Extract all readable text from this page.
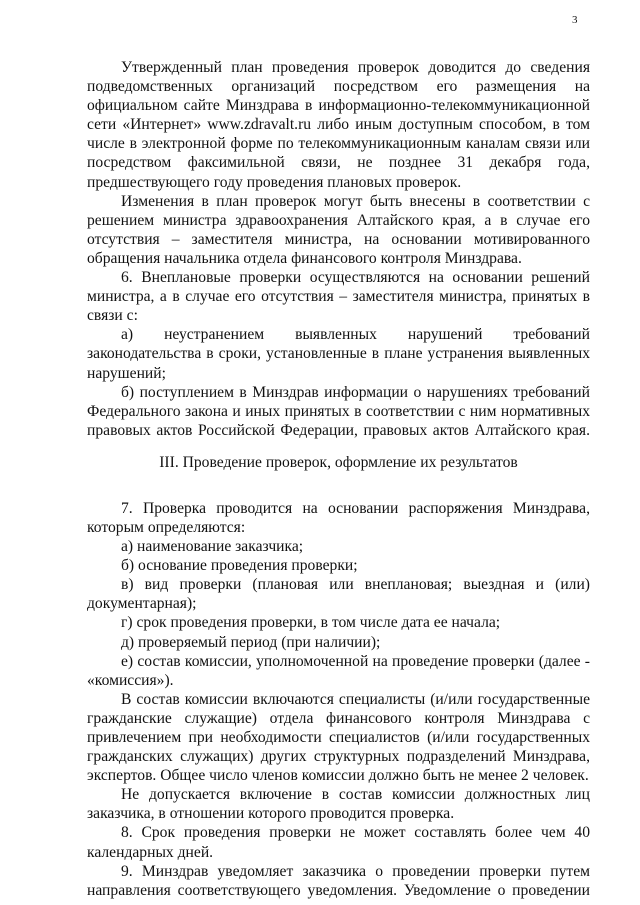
3

Утвержденный план проведения проверок доводится до сведения подведомственных организаций посредством его размещения на официальном сайте Минздрава в информационно-телекоммуникационной сети «Интернет» www.zdravalt.ru либо иным доступным способом, в том числе в электронной форме по телекоммуникационным каналам связи или посредством факсимильной связи, не позднее 31 декабря года, предшествующего году проведения плановых проверок.

Изменения в план проверок могут быть внесены в соответствии с решением министра здравоохранения Алтайского края, а в случае его отсутствия – заместителя министра, на основании мотивированного обращения начальника отдела финансового контроля Минздрава.

6. Внеплановые проверки осуществляются на основании решений министра, а в случае его отсутствия – заместителя министра, принятых в связи с:

а) неустранением выявленных нарушений требований законодательства в сроки, установленные в плане устранения выявленных нарушений;

б) поступлением в Минздрав информации о нарушениях требований Федерального закона и иных принятых в соответствии с ним нормативных правовых актов Российской Федерации, правовых актов Алтайского края.

III. Проведение проверок, оформление их результатов

7. Проверка проводится на основании распоряжения Минздрава, которым определяются:

а) наименование заказчика;

б) основание проведения проверки;

в) вид проверки (плановая или внеплановая; выездная и (или) документарная);

г) срок проведения проверки, в том числе дата ее начала;

д) проверяемый период (при наличии);

е) состав комиссии, уполномоченной на проведение проверки (далее - «комиссия»).

В состав комиссии включаются специалисты (и/или государственные гражданские служащие) отдела финансового контроля Минздрава с привлечением при необходимости специалистов (и/или государственных гражданских служащих) других структурных подразделений Минздрава, экспертов. Общее число членов комиссии должно быть не менее 2 человек.

Не допускается включение в состав комиссии должностных лиц заказчика, в отношении которого проводится проверка.

8. Срок проведения проверки не может составлять более чем 40 календарных дней.

9. Минздрав уведомляет заказчика о проведении проверки путем направления соответствующего уведомления. Уведомление о проведении
